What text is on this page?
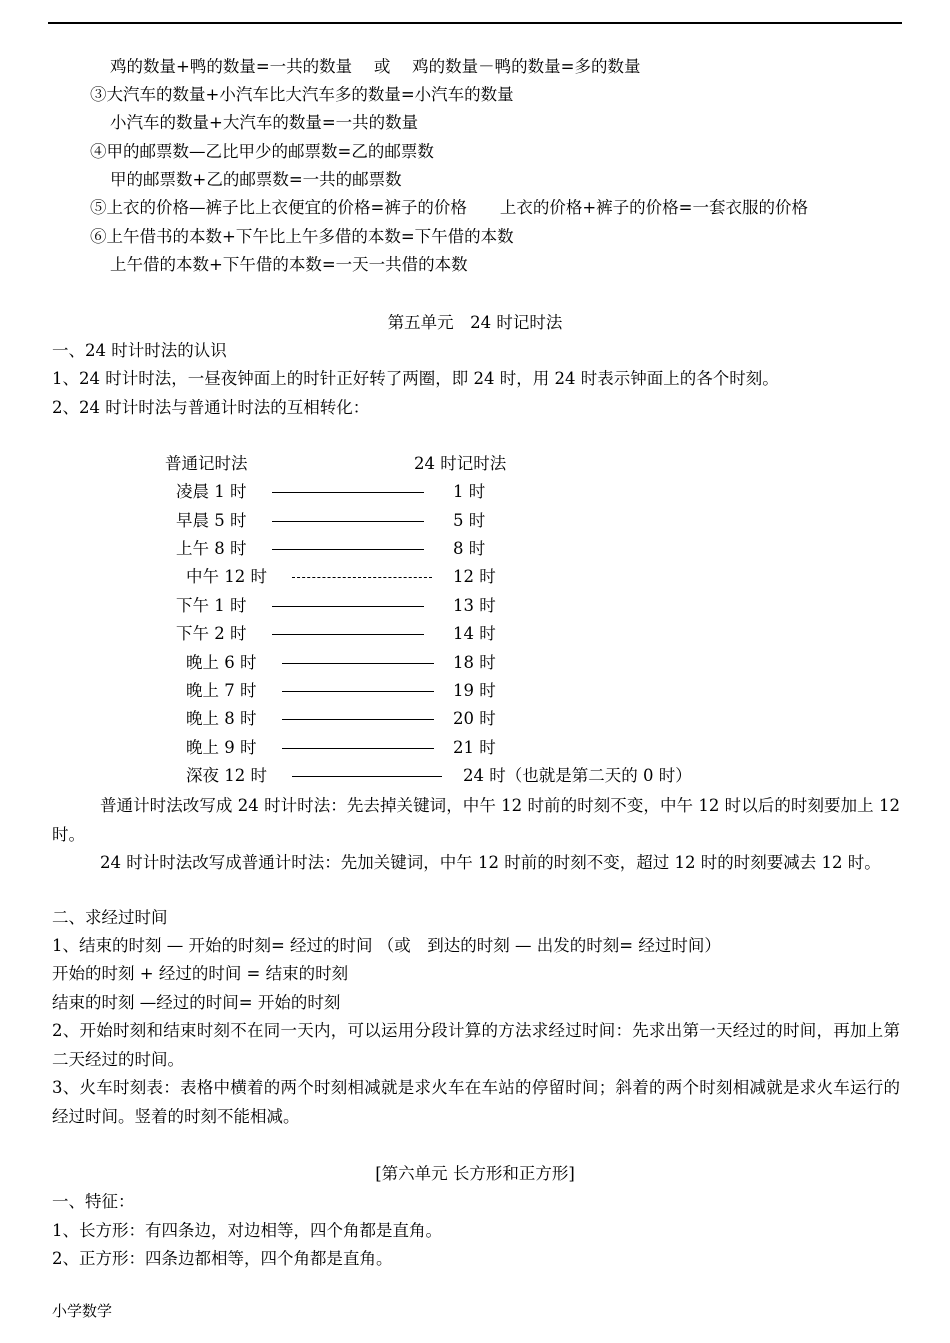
鸡的数量+鸭的数量=一共的数量　 或　 鸡的数量－鸭的数量=多的数量
③大汽车的数量+小汽车比大汽车多的数量=小汽车的数量
小汽车的数量+大汽车的数量=一共的数量
④甲的邮票数—乙比甲少的邮票数=乙的邮票数
甲的邮票数+乙的邮票数=一共的邮票数
⑤上衣的价格—裤子比上衣便宜的价格=裤子的价格　　上衣的价格+裤子的价格=一套衣服的价格
⑥上午借书的本数+下午比上午多借的本数=下午借的本数
上午借的本数+下午借的本数=一天一共借的本数
第五单元　24 时记时法
一、24 时计时法的认识
1、24 时计时法，一昼夜钟面上的时针正好转了两圈，即 24 时，用 24 时表示钟面上的各个时刻。
2、24 时计时法与普通计时法的互相转化：
普通记时法	24 时记时法
凌晨 1 时	1 时
早晨 5 时	5 时
上午 8 时	8 时
中午 12 时	12 时
下午 1 时	13 时
下午 2 时	14 时
晚上 6 时	18 时
晚上 7 时	19 时
晚上 8 时	20 时
晚上 9 时	21 时
深夜 12 时	24 时（也就是第二天的 0 时）
普通计时法改写成 24 时计时法：先去掉关键词，中午 12 时前的时刻不变，中午 12 时以后的时刻要加上 12 时。
24 时计时法改写成普通计时法：先加关键词，中午 12 时前的时刻不变，超过 12 时的时刻要减去 12 时。
二、求经过时间
1、结束的时刻 — 开始的时刻= 经过的时间 （或　到达的时刻 — 出发的时刻= 经过时间）
开始的时刻 + 经过的时间 = 结束的时刻
结束的时刻 —经过的时间= 开始的时刻
2、开始时刻和结束时刻不在同一天内，可以运用分段计算的方法求经过时间：先求出第一天经过的时间，再加上第二天经过的时间。
3、火车时刻表：表格中横着的两个时刻相减就是求火车在车站的停留时间；斜着的两个时刻相减就是求火车运行的经过时间。竖着的时刻不能相减。
[第六单元 长方形和正方形]
一、特征：
1、长方形：有四条边，对边相等，四个角都是直角。
2、正方形：四条边都相等，四个角都是直角。
小学数学
